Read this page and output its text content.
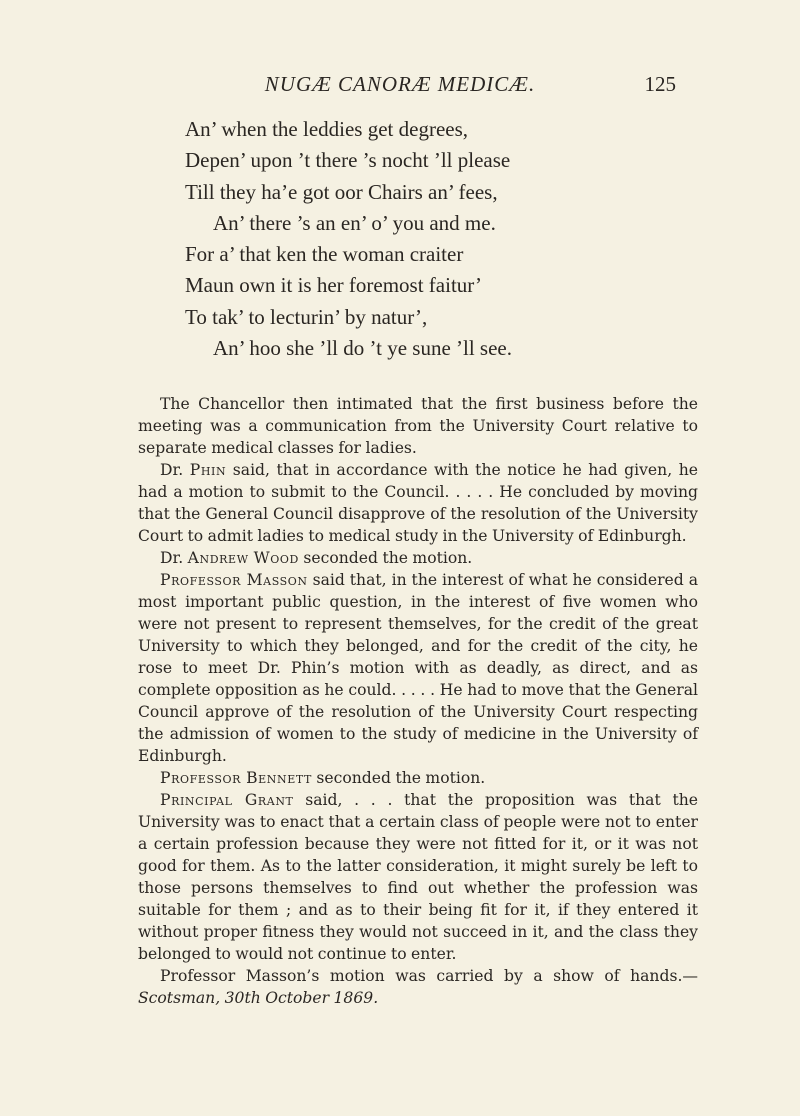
NUGÆ CANORÆ MEDICÆ.	125
An’ when the leddies get degrees,
Depen’ upon ’t there ’s nocht ’ll please
Till they ha’e got oor Chairs an’ fees,
An’ there ’s an en’ o’ you and me.
For a’ that ken the woman craiter
Maun own it is her foremost faitur’
To tak’ to lecturin’ by natur’,
An’ hoo she ’ll do ’t ye sune ’ll see.

The Chancellor then intimated that the first business before the meeting was a communication from the University Court relative to separate medical classes for ladies.

Dr. Phin said, that in accordance with the notice he had given, he had a motion to submit to the Council. . . . . He concluded by moving that the General Council disapprove of the resolution of the University Court to admit ladies to medical study in the University of Edinburgh.

Dr. Andrew Wood seconded the motion.

Professor Masson said that, in the interest of what he considered a most important public question, in the interest of five women who were not present to represent themselves, for the credit of the great University to which they belonged, and for the credit of the city, he rose to meet Dr. Phin’s motion with as deadly, as direct, and as complete opposition as he could. . . . . He had to move that the General Council approve of the resolution of the University Court respecting the admission of women to the study of medicine in the University of Edinburgh.

Professor Bennett seconded the motion.

Principal Grant said, . . . that the proposition was that the University was to enact that a certain class of people were not to enter a certain profession because they were not fitted for it, or it was not good for them. As to the latter consideration, it might surely be left to those persons themselves to find out whether the profession was suitable for them ; and as to their being fit for it, if they entered it without proper fitness they would not succeed in it, and the class they belonged to would not continue to enter.

Professor Masson’s motion was carried by a show of hands.—Scotsman, 30th October 1869.
